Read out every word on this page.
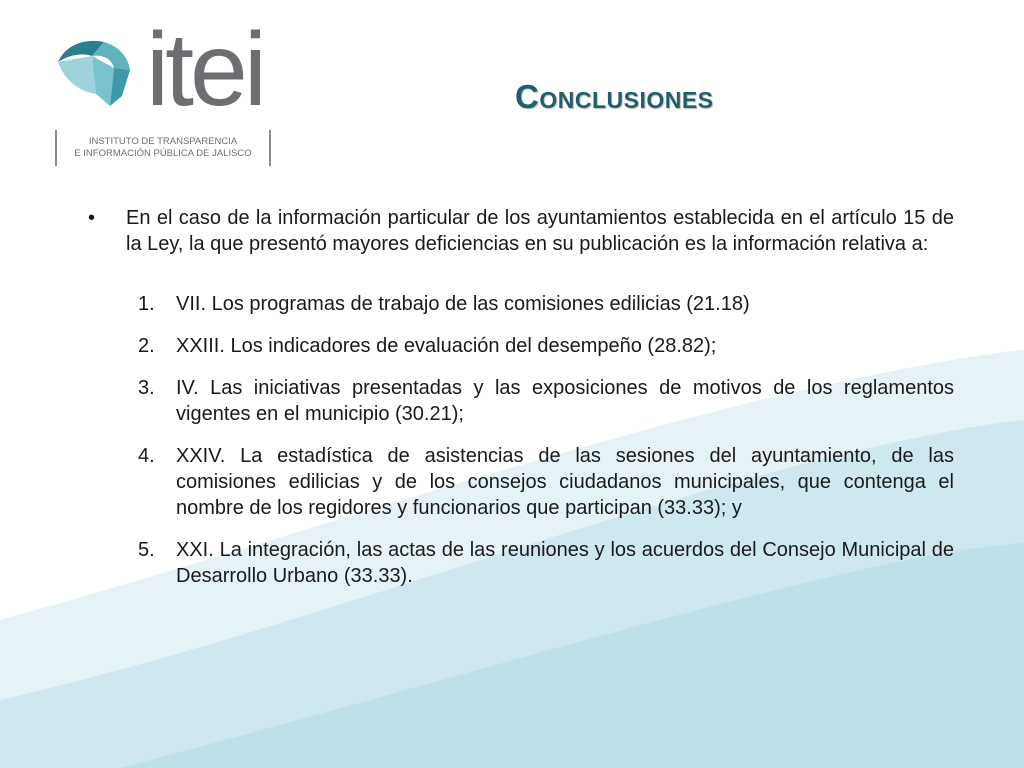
itei
INSTITUTO DE TRANSPARENCIA
E INFORMACIÓN PÚBLICA DE JALISCO
Conclusiones
•	En el caso de la información particular de los ayuntamientos establecida en el artículo 15 de la Ley, la que presentó mayores deficiencias en su publicación es la información relativa a:
1.	VII. Los programas de trabajo de las comisiones edilicias (21.18)
2.	XXIII. Los indicadores de evaluación del desempeño (28.82);
3.	IV. Las iniciativas presentadas y las exposiciones de motivos de los reglamentos vigentes en el municipio (30.21);
4.	XXIV. La estadística de asistencias de las sesiones del ayuntamiento, de las comisiones edilicias y de los consejos ciudadanos municipales, que contenga el nombre de los regidores y funcionarios que participan (33.33); y
5.	XXI. La integración, las actas de las reuniones y los acuerdos del Consejo Municipal de Desarrollo Urbano (33.33).
